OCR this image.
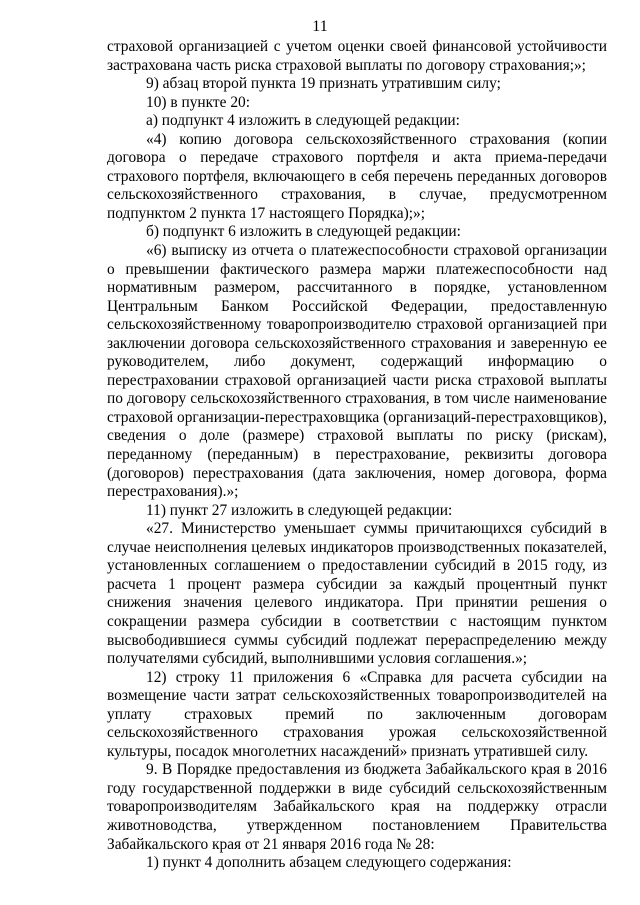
11

страховой организацией с учетом оценки своей финансовой устойчивости застрахована часть риска страховой выплаты по договору страхования;»;

9) абзац второй пункта 19 признать утратившим силу;

10) в пункте 20:

а) подпункт 4 изложить в следующей редакции:

«4) копию договора сельскохозяйственного страхования (копии договора о передаче страхового портфеля и акта приема-передачи страхового портфеля, включающего в себя перечень переданных договоров сельскохозяйственного страхования, в случае, предусмотренном подпунктом 2 пункта 17 настоящего Порядка);»;

б) подпункт 6 изложить в следующей редакции:

«6) выписку из отчета о платежеспособности страховой организации о превышении фактического размера маржи платежеспособности над нормативным размером, рассчитанного в порядке, установленном Центральным Банком Российской Федерации, предоставленную сельскохозяйственному товаропроизводителю страховой организацией при заключении договора сельскохозяйственного страхования и заверенную ее руководителем, либо документ, содержащий информацию о перестраховании страховой организацией части риска страховой выплаты по договору сельскохозяйственного страхования, в том числе наименование страховой организации-перестраховщика (организаций-перестраховщиков), сведения о доле (размере) страховой выплаты по риску (рискам), переданному (переданным) в перестрахование, реквизиты договора (договоров) перестрахования (дата заключения, номер договора, форма перестрахования).»;

11) пункт 27 изложить в следующей редакции:

«27. Министерство уменьшает суммы причитающихся субсидий в случае неисполнения целевых индикаторов производственных показателей, установленных соглашением о предоставлении субсидий в 2015 году, из расчета 1 процент размера субсидии за каждый процентный пункт снижения значения целевого индикатора. При принятии решения о сокращении размера субсидии в соответствии с настоящим пунктом высвободившиеся суммы субсидий подлежат перераспределению между получателями субсидий, выполнившими условия соглашения.»;

12) строку 11 приложения 6 «Справка для расчета субсидии на возмещение части затрат сельскохозяйственных товаропроизводителей на уплату страховых премий по заключенным договорам сельскохозяйственного страхования урожая сельскохозяйственной культуры, посадок многолетних насаждений» признать утратившей силу.

9. В Порядке предоставления из бюджета Забайкальского края в 2016 году государственной поддержки в виде субсидий сельскохозяйственным товаропроизводителям Забайкальского края на поддержку отрасли животноводства, утвержденном постановлением Правительства Забайкальского края от 21 января 2016 года № 28:

1) пункт 4 дополнить абзацем следующего содержания:
